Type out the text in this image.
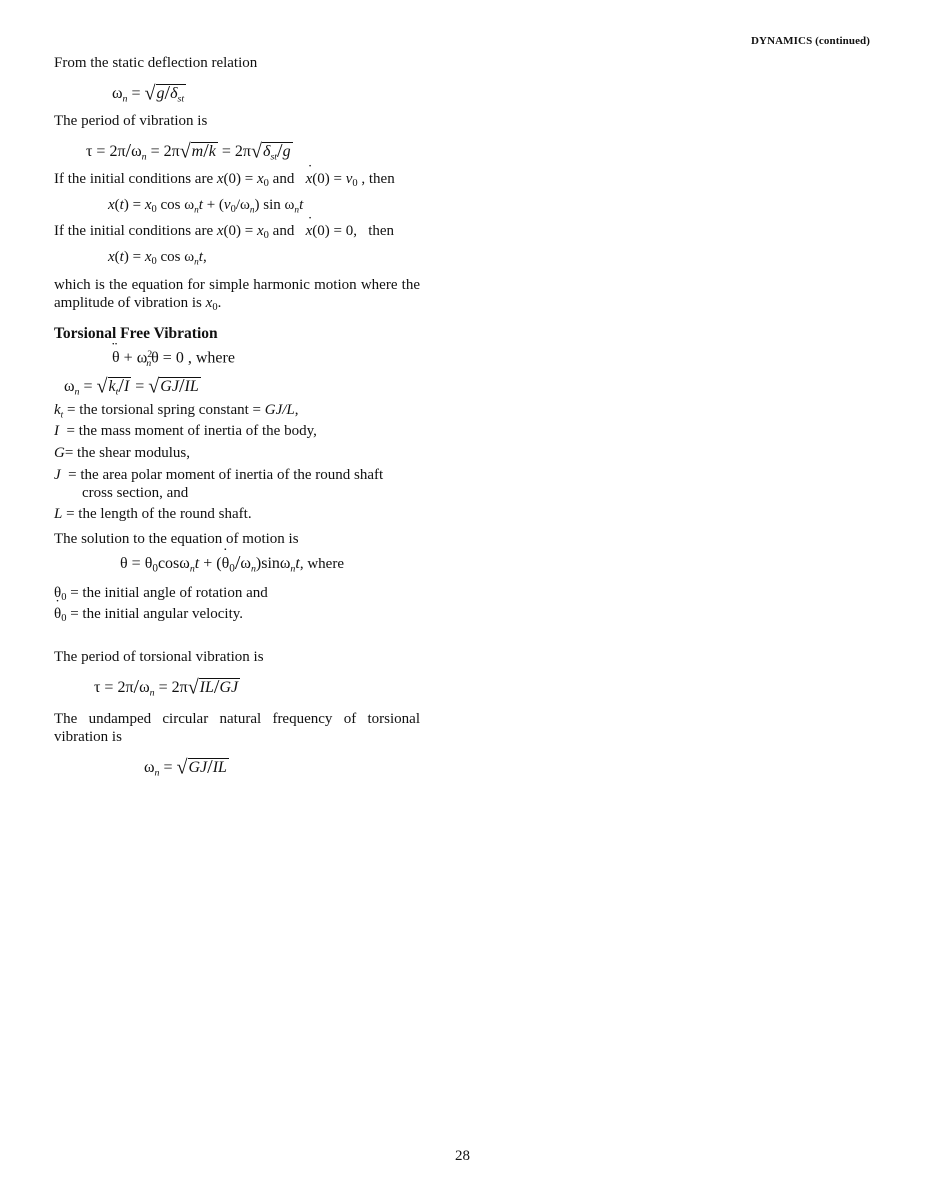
DYNAMICS (continued)
From the static deflection relation
$\omega_n = √g/\delta_{st}$
The period of vibration is
$\tau = 2\pi/\omega_n = 2\pi√m/k = 2\pi√\delta_{st}/g$
If the initial conditions are $x(0) = x_0$ and   ˙ $x(0) = v_0$ , then
$x(t) = x_0$ $\cos \omega_nt + (v_0/\omega_n)$ $\sin \omega_nt$
If the initial conditions are $x(0) = x_0$ and   ˙ x(0) = 0,   then
$x(t) = x_0$ $\cos \omega_nt$,
which is the equation for simple harmonic motion where the amplitude of vibration is $x_0$.
Torsional Free Vibration
¨ $\theta + \omega^2_n\theta = 0$ , where
$\omega_n = √k_t/I = √GJ/IL$
$k_t$ = the torsional spring constant = GJ/L,
I  = the mass moment of inertia of the body,
G= the shear modulus,
J  = the area polar moment of inertia of the round shaft
cross section, and
L = the length of the round shaft.
The solution to the equation of motion is
$\theta = \theta_0\cos\omega_nt$ + (˙ $\theta_0/\omega_n)\sin\omega_nt$, where
$\theta_0$ = the initial angle of rotation and
˙ $\theta_0$ = the initial angular velocity.
The period of torsional vibration is
$\tau = 2\pi/\omega_n = 2\pi√IL/GJ$
The undamped circular natural frequency of torsional vibration is
$\omega_n = √GJ/IL$
28
